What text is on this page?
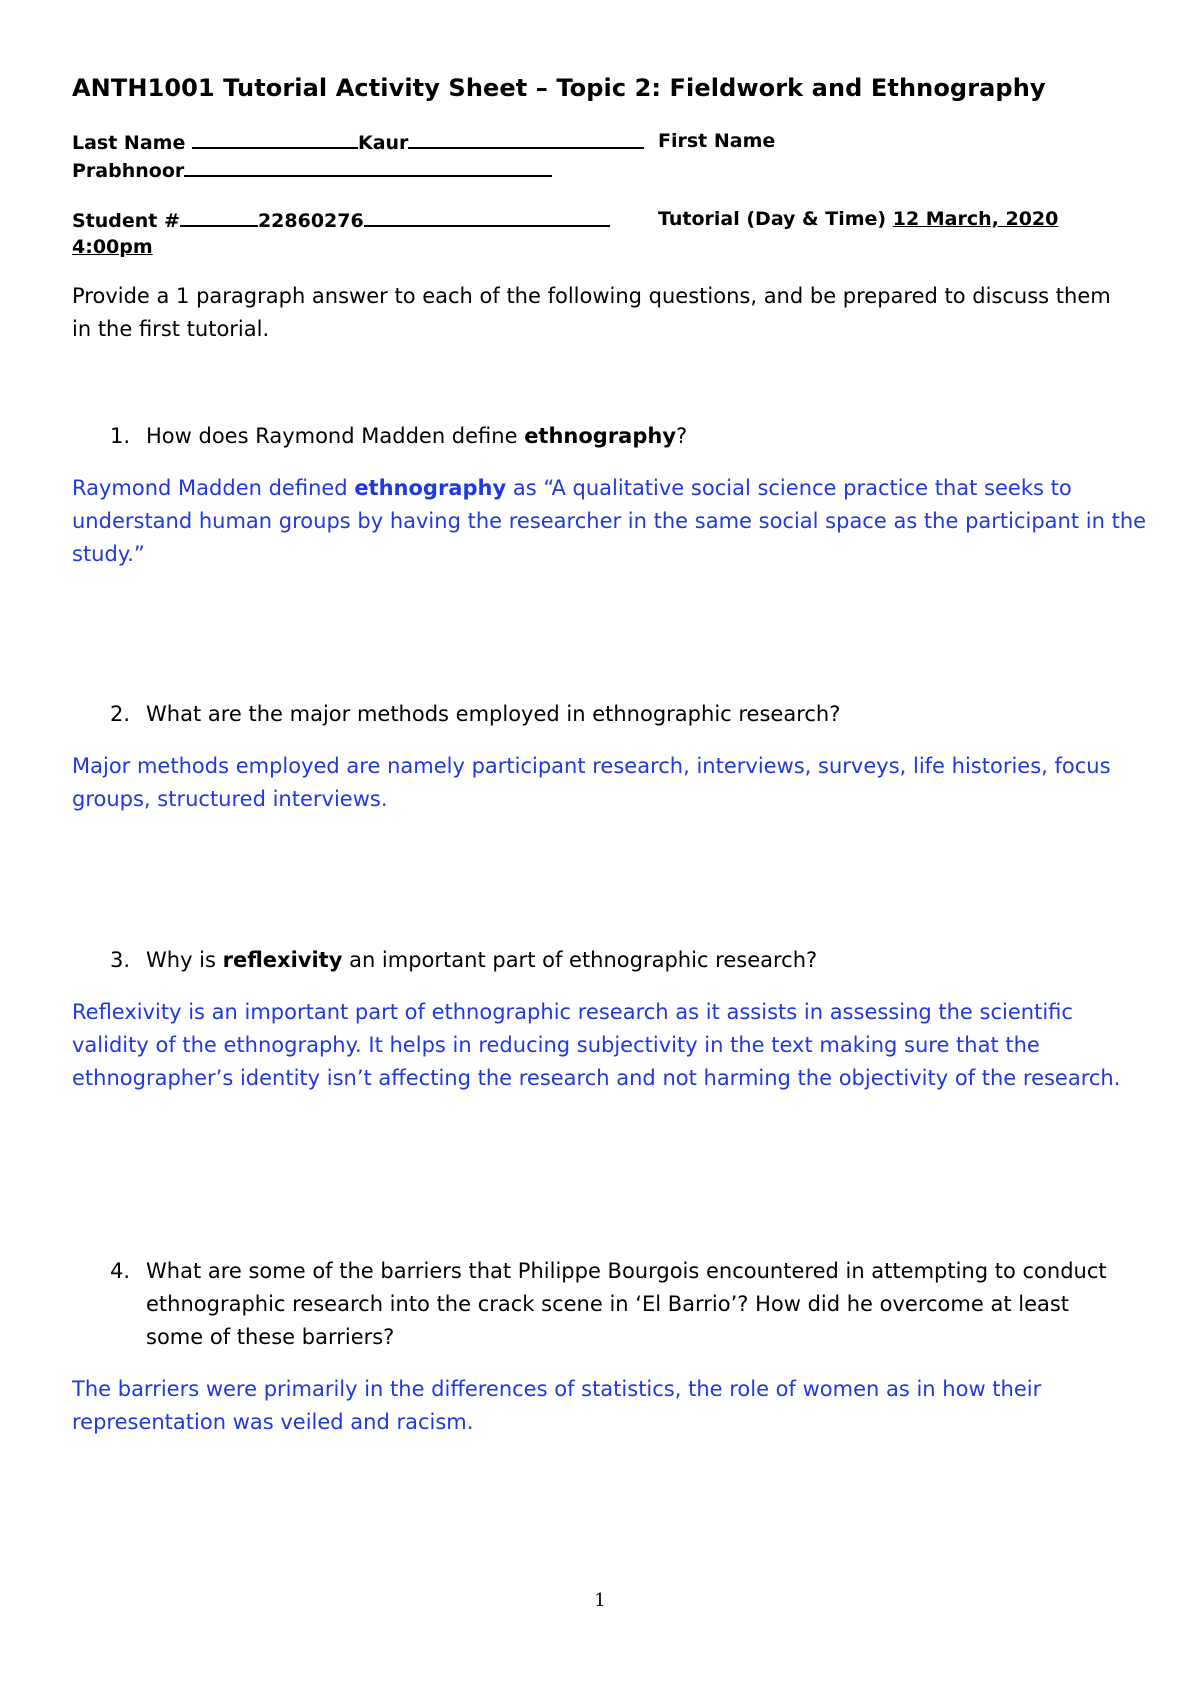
ANTH1001 Tutorial Activity Sheet – Topic 2: Fieldwork and Ethnography
Last Name	Kaur	First Name
Prabhnoor
Student #	22860276	Tutorial (Day & Time) 12 March, 2020
4:00pm
Provide a 1 paragraph answer to each of the following questions, and be prepared to discuss them in the first tutorial.
1. How does Raymond Madden define ethnography?
Raymond Madden defined ethnography as “A qualitative social science practice that seeks to understand human groups by having the researcher in the same social space as the participant in the study.”
2. What are the major methods employed in ethnographic research?
Major methods employed are namely participant research, interviews, surveys, life histories, focus groups, structured interviews.
3. Why is reflexivity an important part of ethnographic research?
Reflexivity is an important part of ethnographic research as it assists in assessing the scientific validity of the ethnography. It helps in reducing subjectivity in the text making sure that the ethnographer’s identity isn’t affecting the research and not harming the objectivity of the research.
4. What are some of the barriers that Philippe Bourgois encountered in attempting to conduct ethnographic research into the crack scene in ‘El Barrio’? How did he overcome at least some of these barriers?
The barriers were primarily in the differences of statistics, the role of women as in how their representation was veiled and racism.
1
